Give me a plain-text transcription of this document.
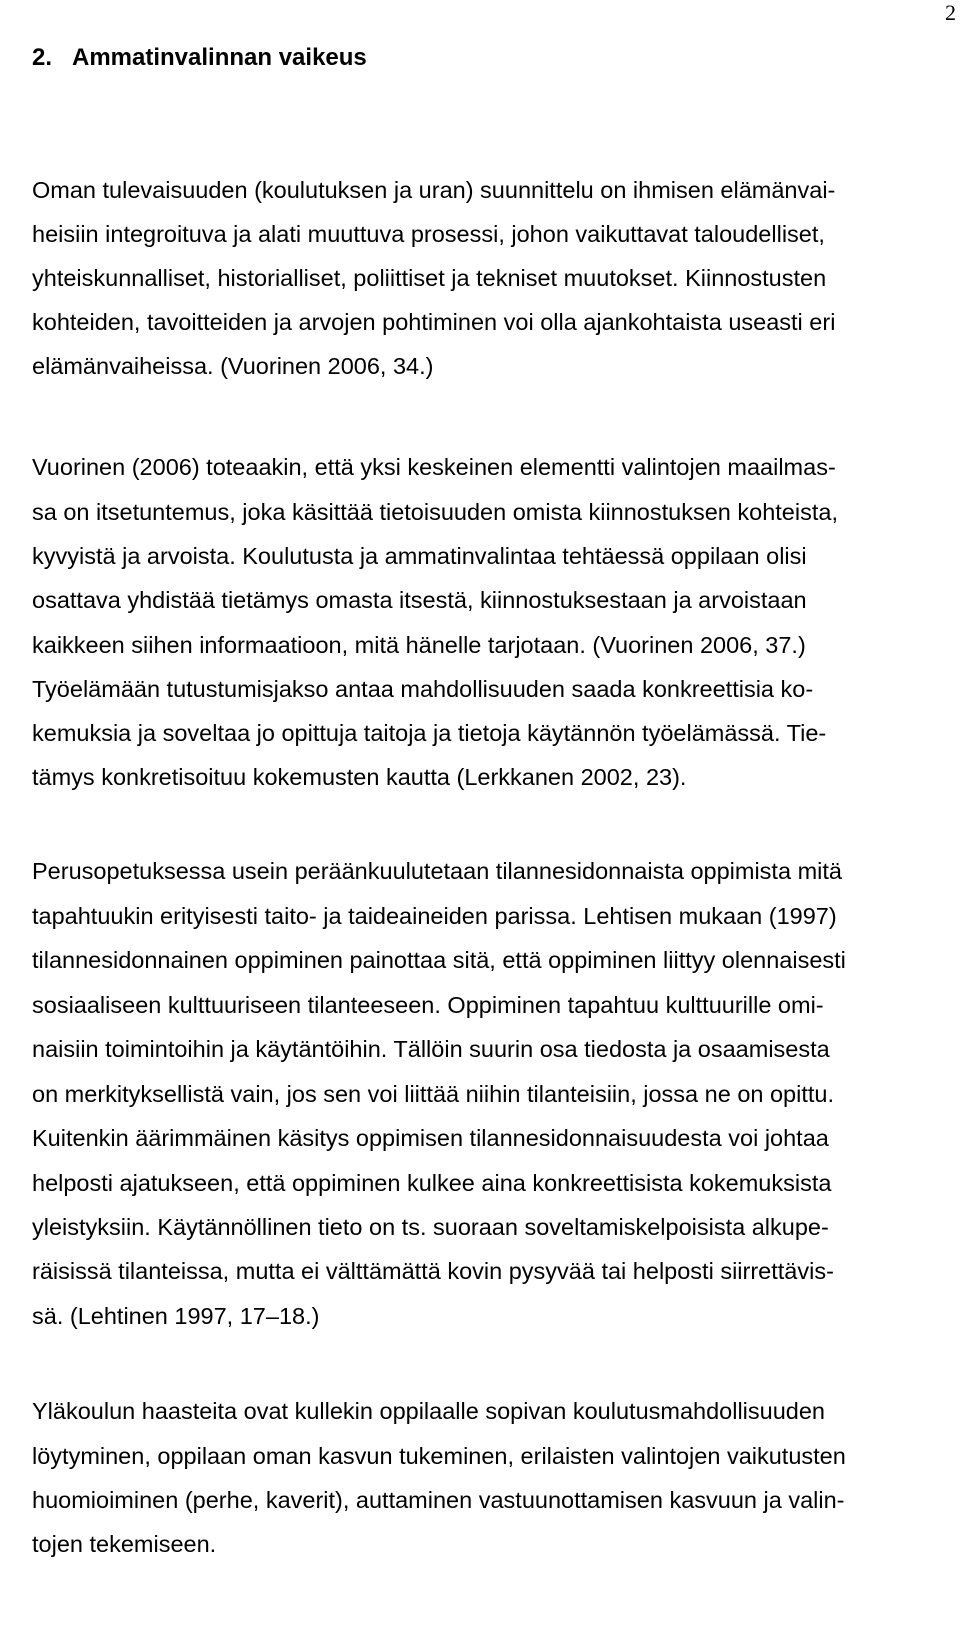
2
2. Ammatinvalinnan vaikeus
Oman tulevaisuuden (koulutuksen ja uran) suunnittelu on ihmisen elämänvai-
heisiin integroituva ja alati muuttuva prosessi, johon vaikuttavat taloudelliset,
yhteiskunnalliset, historialliset, poliittiset ja tekniset muutokset. Kiinnostusten
kohteiden, tavoitteiden ja arvojen pohtiminen voi olla ajankohtaista useasti eri
elämänvaiheissa. (Vuorinen 2006, 34.)
Vuorinen (2006) toteaakin, että yksi keskeinen elementti valintojen maailmas-
sa on itsetuntemus, joka käsittää tietoisuuden omista kiinnostuksen kohteista,
kyvyistä ja arvoista. Koulutusta ja ammatinvalintaa tehtäessä oppilaan olisi
osattava yhdistää tietämys omasta itsestä, kiinnostuksestaan ja arvoistaan
kaikkeen siihen informaatioon, mitä hänelle tarjotaan. (Vuorinen 2006, 37.)
Työelämään tutustumisjakso antaa mahdollisuuden saada konkreettisia ko-
kemuksia ja soveltaa jo opittuja taitoja ja tietoja käytännön työelämässä. Tie-
tämys konkretisoituu kokemusten kautta (Lerkkanen 2002, 23).
Perusopetuksessa usein peräänkuulutetaan tilannesidonnaista oppimista mitä
tapahtuukin erityisesti taito- ja taideaineiden parissa. Lehtisen mukaan (1997)
tilannesidonnainen oppiminen painottaa sitä, että oppiminen liittyy olennaisesti
sosiaaliseen kulttuuriseen tilanteeseen. Oppiminen tapahtuu kulttuurille omi-
naisiin toimintoihin ja käytäntöihin. Tällöin suurin osa tiedosta ja osaamisesta
on merkityksellistä vain, jos sen voi liittää niihin tilanteisiin, jossa ne on opittu.
Kuitenkin äärimmäinen käsitys oppimisen tilannesidonnaisuudesta voi johtaa
helposti ajatukseen, että oppiminen kulkee aina konkreettisista kokemuksista
yleistyksiin. Käytännöllinen tieto on ts. suoraan soveltamiskelpoisista alkupe-
räisissä tilanteissa, mutta ei välttämättä kovin pysyvää tai helposti siirrettävis-
sä. (Lehtinen 1997, 17–18.)
Yläkoulun haasteita ovat kullekin oppilaalle sopivan koulutusmahdollisuuden
löytyminen, oppilaan oman kasvun tukeminen, erilaisten valintojen vaikutusten
huomioiminen (perhe, kaverit), auttaminen vastuunottamisen kasvuun ja valin-
tojen tekemiseen.
